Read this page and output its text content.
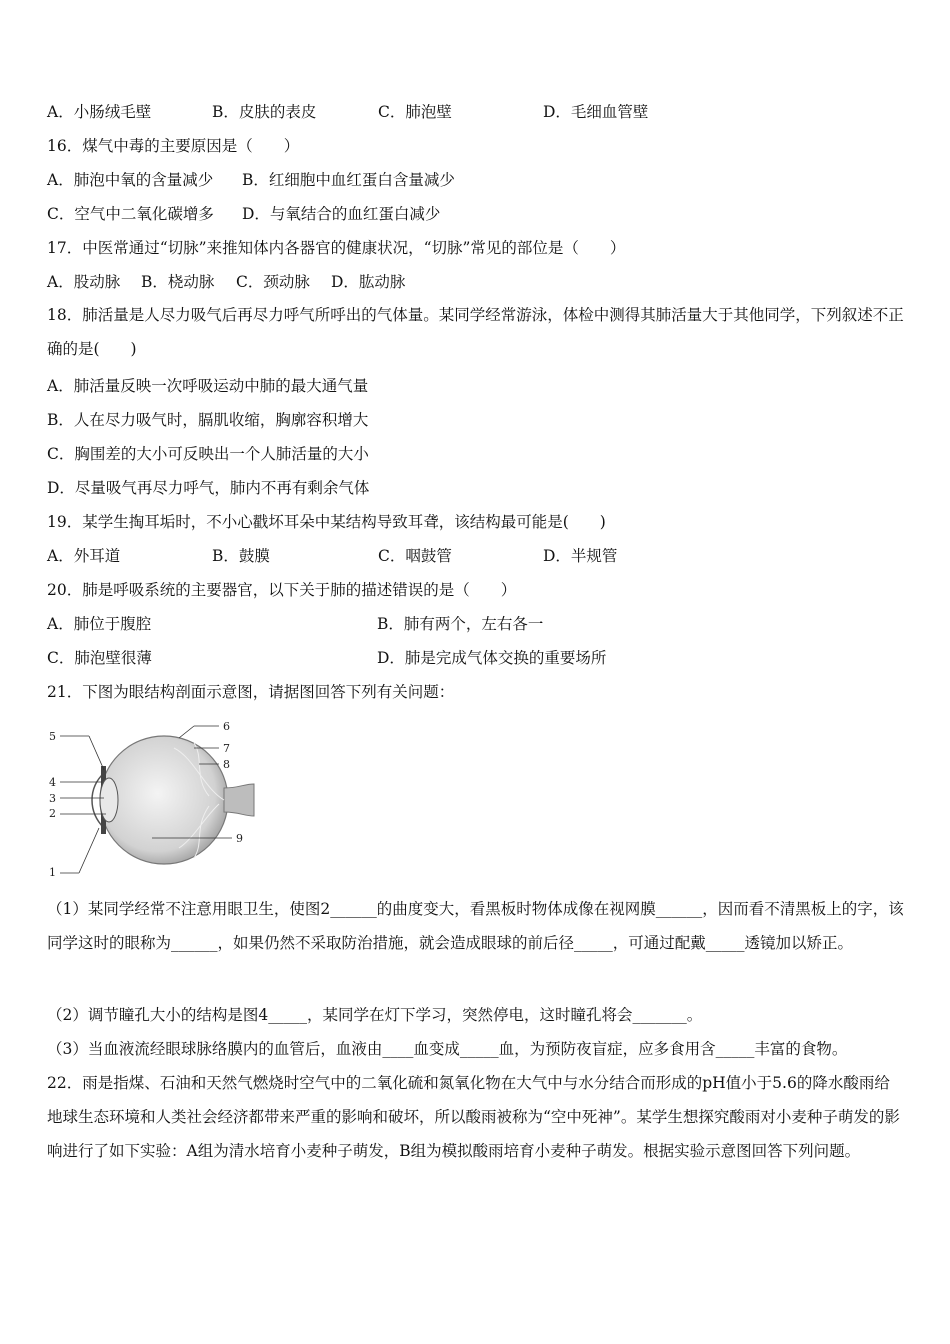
A．小肠绒毛壁	B．皮肤的表皮	C．肺泡壁	D．毛细血管壁
16．煤气中毒的主要原因是（　　）
A．肺泡中氧的含量减少 B．红细胞中血红蛋白含量减少
C．空气中二氧化碳增多 D．与氧结合的血红蛋白减少
17．中医常通过“切脉”来推知体内各器官的健康状况，“切脉”常见的部位是（　　）
A．股动脉 B．桡动脉 C．颈动脉 D．肱动脉
18．肺活量是人尽力吸气后再尽力呼气所呼出的气体量。某同学经常游泳，体检中测得其肺活量大于其他同学，下列叙述不正确的是(　　)
A．肺活量反映一次呼吸运动中肺的最大通气量
B．人在尽力吸气时，膈肌收缩，胸廓容积增大
C．胸围差的大小可反映出一个人肺活量的大小
D．尽量吸气再尽力呼气，肺内不再有剩余气体
19．某学生掏耳垢时，不小心戳坏耳朵中某结构导致耳聋，该结构最可能是(　　)
A．外耳道	B．鼓膜	C．咽鼓管	D．半规管
20．肺是呼吸系统的主要器官，以下关于肺的描述错误的是（　　）
A．肺位于腹腔	B．肺有两个，左右各一
C．肺泡壁很薄	D．肺是完成气体交换的重要场所
21．下图为眼结构剖面示意图，请据图回答下列有关问题：
1
2
3
4
5
6
7
8
9
（1）某同学经常不注意用眼卫生，使图2______的曲度变大，看黑板时物体成像在视网膜______，因而看不清黑板上的字，该同学这时的眼称为______，如果仍然不采取防治措施，就会造成眼球的前后径_____，可通过配戴_____透镜加以矫正。
（2）调节瞳孔大小的结构是图4_____，某同学在灯下学习，突然停电，这时瞳孔将会_______。
（3）当血液流经眼球脉络膜内的血管后，血液由____血变成_____血，为预防夜盲症，应多食用含_____丰富的食物。
22．雨是指煤、石油和天然气燃烧时空气中的二氧化硫和氮氧化物在大气中与水分结合而形成的pH值小于5.6的降水酸雨给地球生态环境和人类社会经济都带来严重的影响和破坏，所以酸雨被称为“空中死神”。某学生想探究酸雨对小麦种子萌发的影响进行了如下实验：A组为清水培育小麦种子萌发，B组为模拟酸雨培育小麦种子萌发。根据实验示意图回答下列问题。
